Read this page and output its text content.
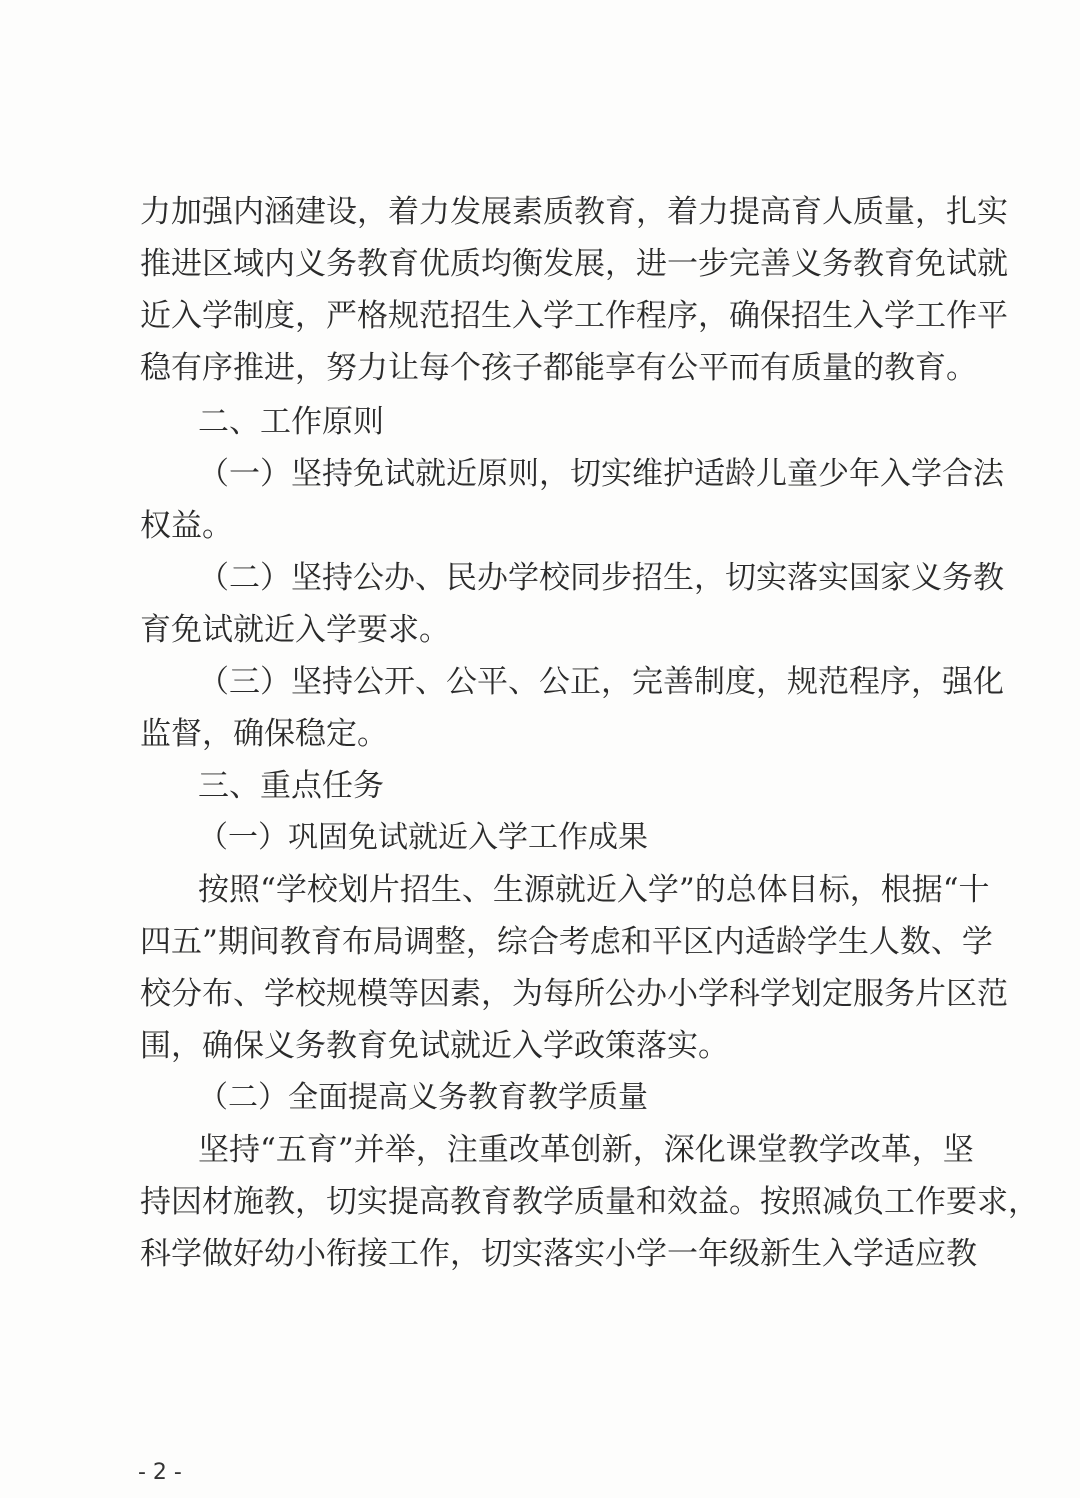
力加强内涵建设，着力发展素质教育，着力提高育人质量，扎实
推进区域内义务教育优质均衡发展，进一步完善义务教育免试就
近入学制度，严格规范招生入学工作程序，确保招生入学工作平
稳有序推进，努力让每个孩子都能享有公平而有质量的教育。
二、工作原则
（一）坚持免试就近原则，切实维护适龄儿童少年入学合法
权益。
（二）坚持公办、民办学校同步招生，切实落实国家义务教
育免试就近入学要求。
（三）坚持公开、公平、公正，完善制度，规范程序，强化
监督，确保稳定。
三、重点任务
（一）巩固免试就近入学工作成果
按照“学校划片招生、生源就近入学”的总体目标，根据“十
四五”期间教育布局调整，综合考虑和平区内适龄学生人数、学
校分布、学校规模等因素，为每所公办小学科学划定服务片区范
围，确保义务教育免试就近入学政策落实。
（二）全面提高义务教育教学质量
坚持“五育”并举，注重改革创新，深化课堂教学改革，坚
持因材施教，切实提高教育教学质量和效益。按照减负工作要求，
科学做好幼小衔接工作，切实落实小学一年级新生入学适应教
- 2 -
